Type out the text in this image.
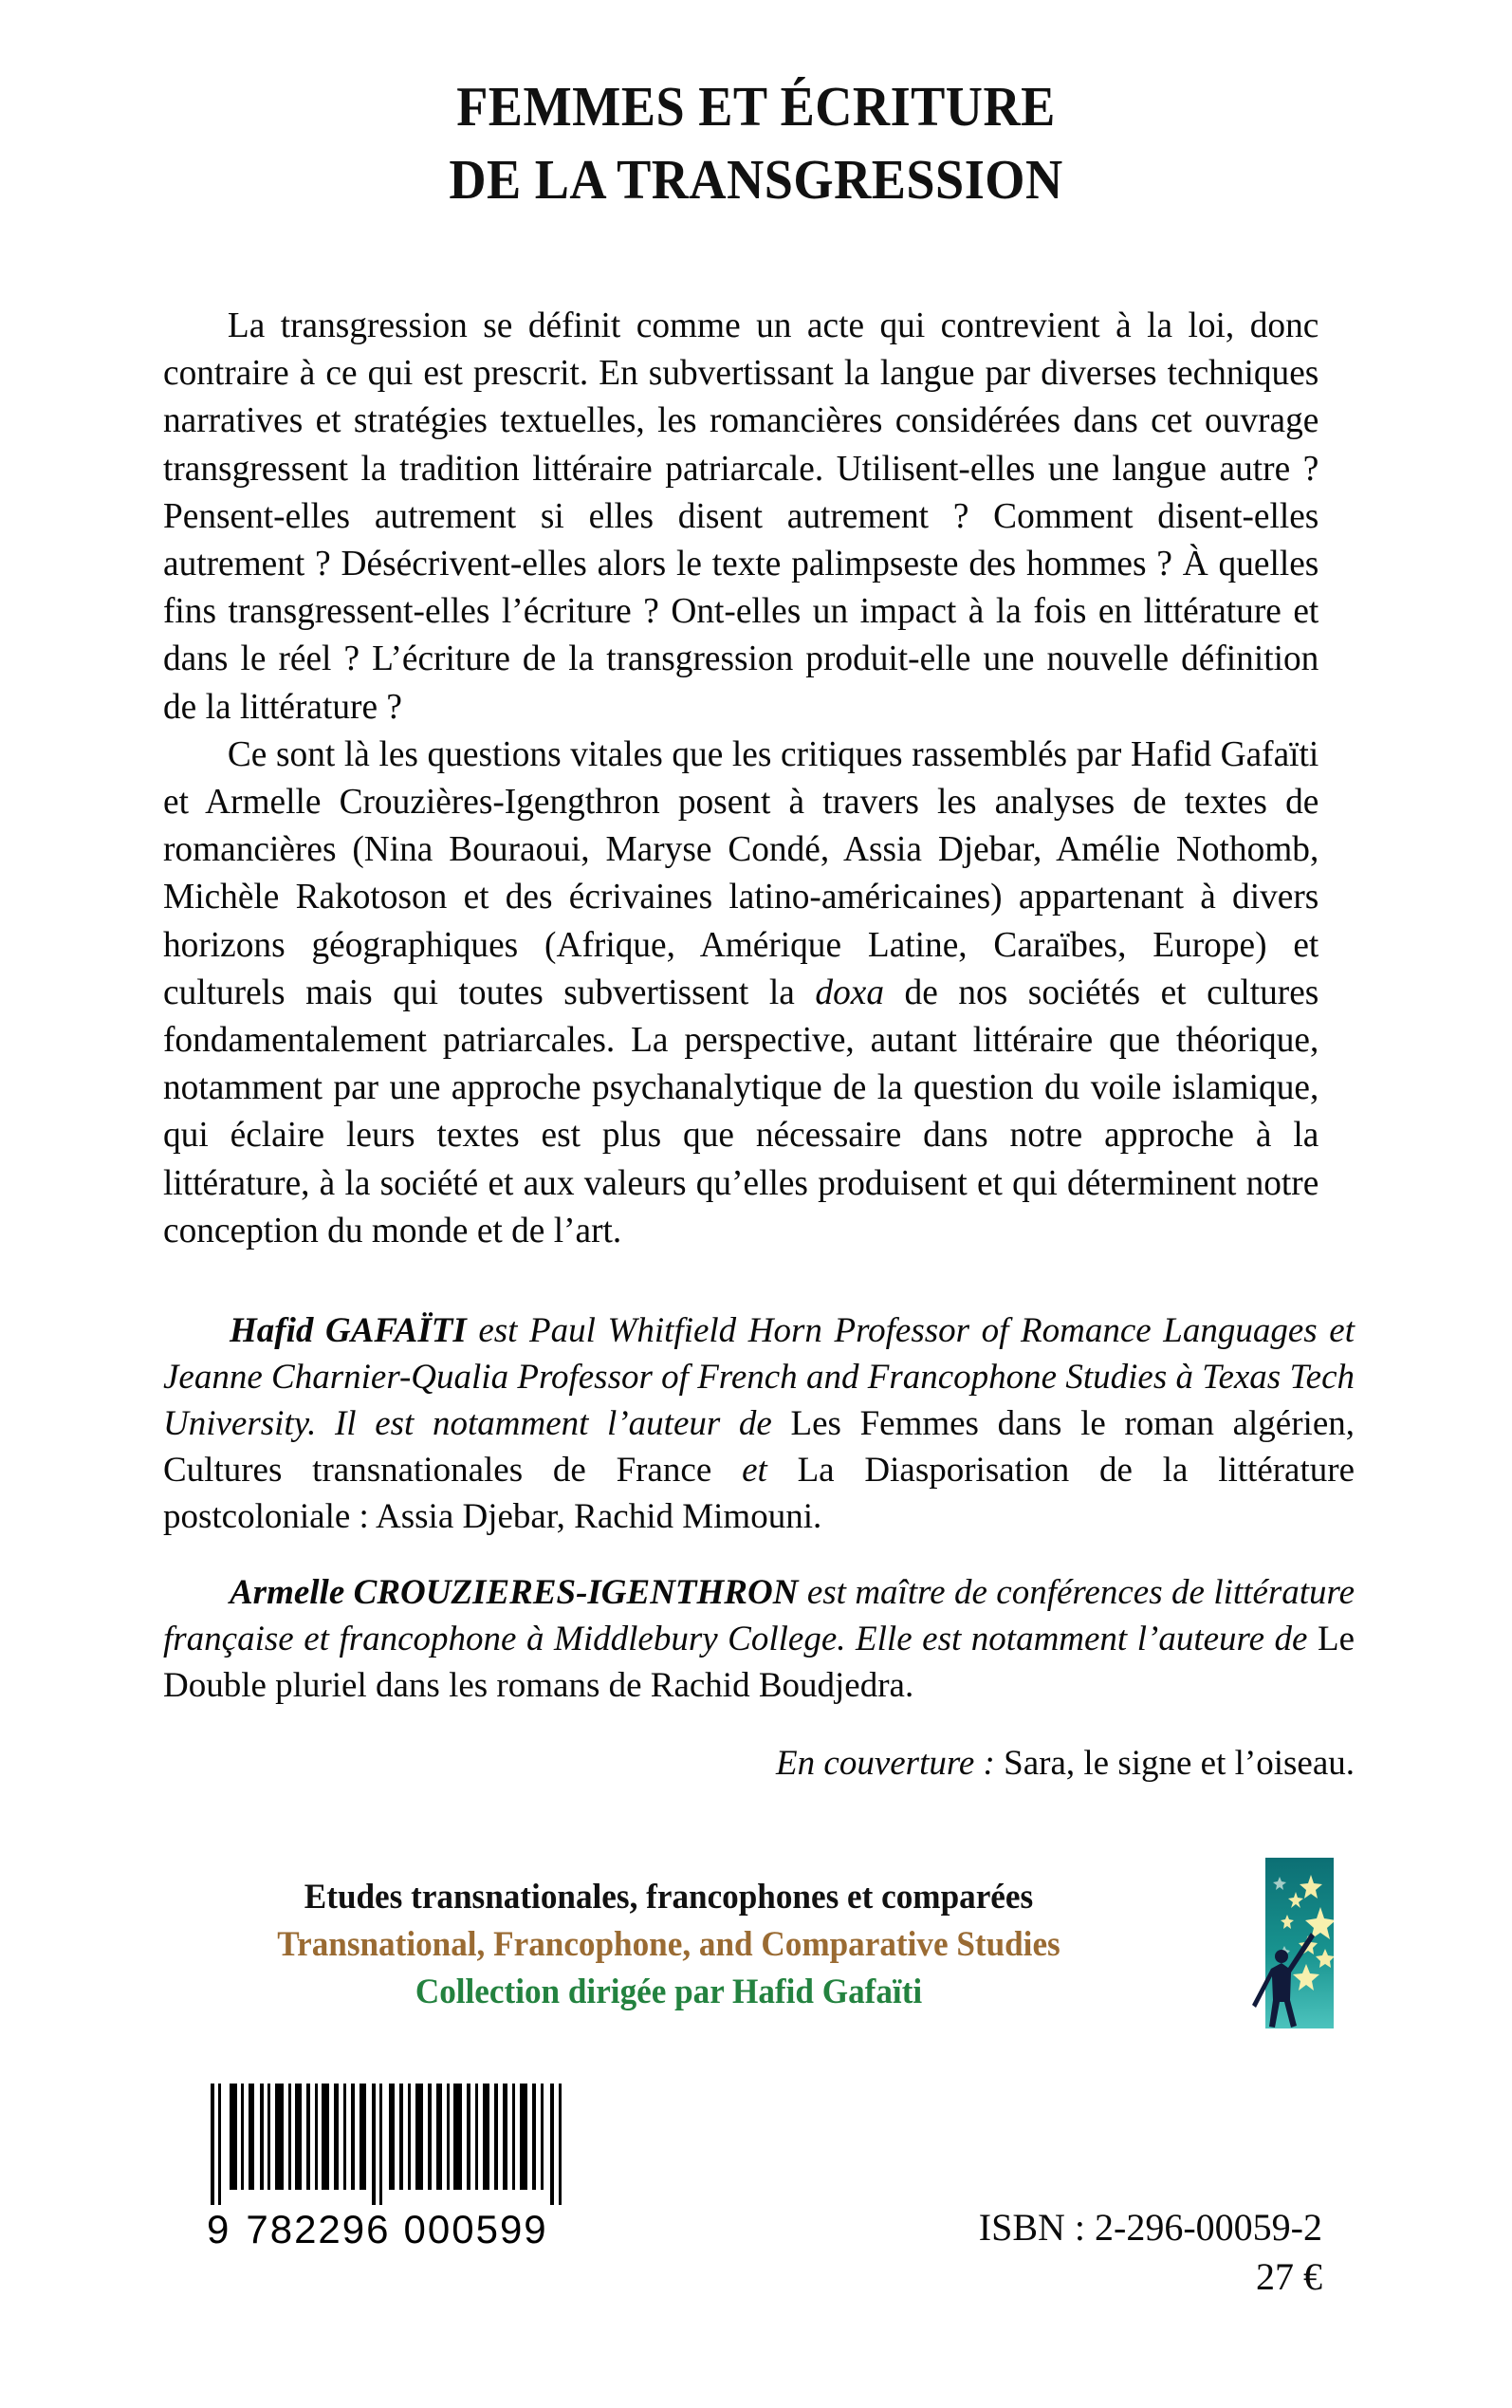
FEMMES ET ÉCRITURE
DE LA TRANSGRESSION

La transgression se définit comme un acte qui contrevient à la loi, donc contraire à ce qui est prescrit. En subvertissant la langue par diverses techniques narratives et stratégies textuelles, les romancières considérées dans cet ouvrage transgressent la tradition littéraire patriarcale. Utilisent-elles une langue autre ? Pensent-elles autrement si elles disent autrement ? Comment disent-elles autrement ? Désécrivent-elles alors le texte palimpseste des hommes ? À quelles fins transgressent-elles l’écriture ? Ont-elles un impact à la fois en littérature et dans le réel ? L’écriture de la transgression produit-elle une nouvelle définition de la littérature ?

Ce sont là les questions vitales que les critiques rassemblés par Hafid Gafaïti et Armelle Crouzières-Igengthron posent à travers les analyses de textes de romancières (Nina Bouraoui, Maryse Condé, Assia Djebar, Amélie Nothomb, Michèle Rakotoson et des écrivaines latino-américaines) appartenant à divers horizons géographiques (Afrique, Amérique Latine, Caraïbes, Europe) et culturels mais qui toutes subvertissent la doxa de nos sociétés et cultures fondamentalement patriarcales. La perspective, autant littéraire que théorique, notamment par une approche psychanalytique de la question du voile islamique, qui éclaire leurs textes est plus que nécessaire dans notre approche à la littérature, à la société et aux valeurs qu’elles produisent et qui déterminent notre conception du monde et de l’art.

Hafid GAFAÏTI est Paul Whitfield Horn Professor of Romance Languages et Jeanne Charnier-Qualia Professor of French and Francophone Studies à Texas Tech University. Il est notamment l’auteur de Les Femmes dans le roman algérien, Cultures transnationales de France et La Diasporisation de la littérature postcoloniale : Assia Djebar, Rachid Mimouni.

Armelle CROUZIERES-IGENTHRON est maître de conférences de littérature française et francophone à Middlebury College. Elle est notamment l’auteure de Le Double pluriel dans les romans de Rachid Boudjedra.

En couverture : Sara, le signe et l’oiseau.
Etudes transnationales, francophones et comparées
Transnational, Francophone, and Comparative Studies
Collection dirigée par Hafid Gafaïti
9 782296 000599	ISBN : 2-296-00059-2
27 €
